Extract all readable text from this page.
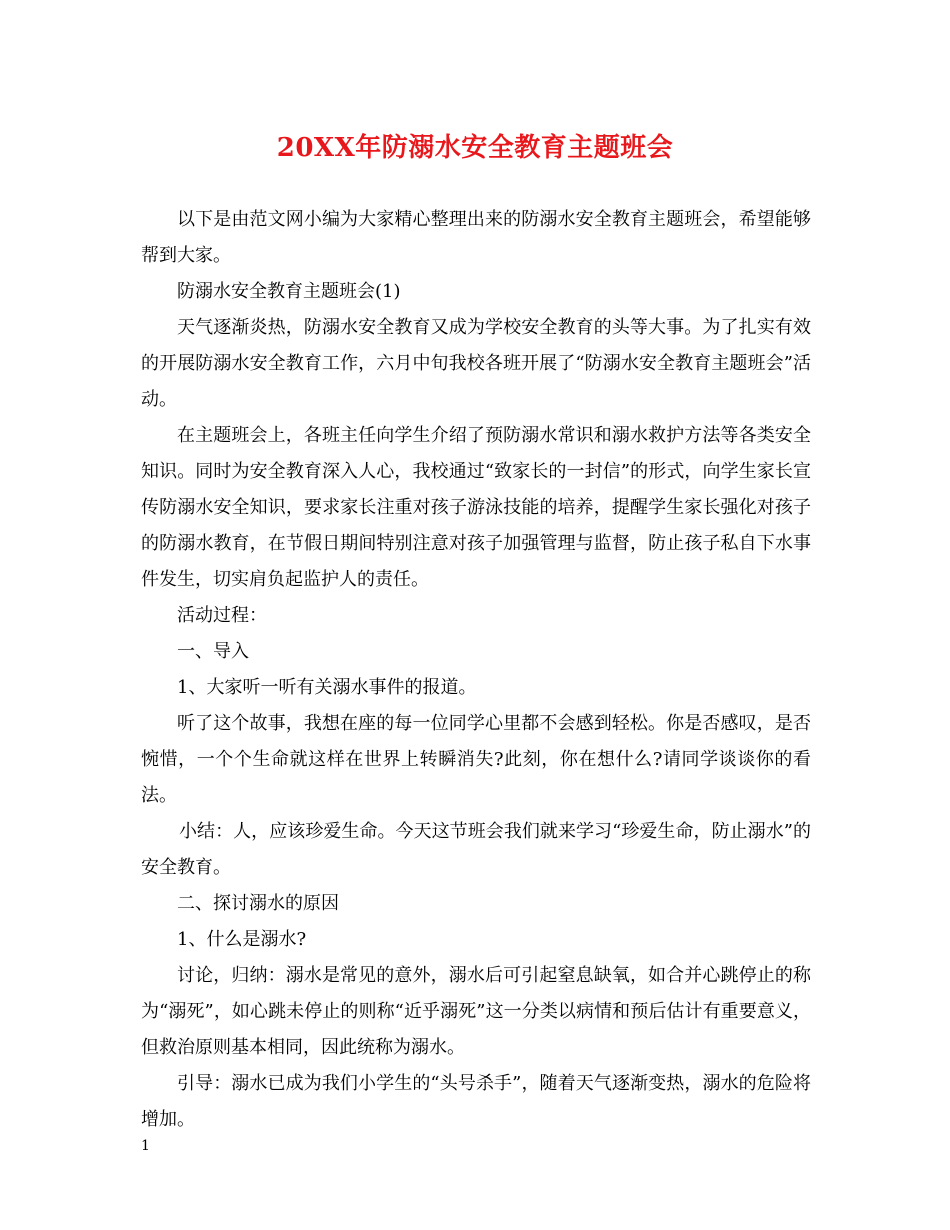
20XX年防溺水安全教育主题班会

以下是由范文网小编为大家精心整理出来的防溺水安全教育主题班会，希望能够帮到大家。

防溺水安全教育主题班会(1)

天气逐渐炎热，防溺水安全教育又成为学校安全教育的头等大事。为了扎实有效的开展防溺水安全教育工作，六月中旬我校各班开展了“防溺水安全教育主题班会”活动。

在主题班会上，各班主任向学生介绍了预防溺水常识和溺水救护方法等各类安全知识。同时为安全教育深入人心，我校通过“致家长的一封信”的形式，向学生家长宣传防溺水安全知识，要求家长注重对孩子游泳技能的培养，提醒学生家长强化对孩子的防溺水教育，在节假日期间特别注意对孩子加强管理与监督，防止孩子私自下水事件发生，切实肩负起监护人的责任。

活动过程：

一、导入

1、大家听一听有关溺水事件的报道。

听了这个故事，我想在座的每一位同学心里都不会感到轻松。你是否感叹，是否惋惜，一个个生命就这样在世界上转瞬消失?此刻，你在想什么?请同学谈谈你的看法。

小结：人，应该珍爱生命。今天这节班会我们就来学习“珍爱生命，防止溺水”的安全教育。

二、探讨溺水的原因

1、什么是溺水?

讨论，归纳：溺水是常见的意外，溺水后可引起窒息缺氧，如合并心跳停止的称为“溺死”，如心跳未停止的则称“近乎溺死”这一分类以病情和预后估计有重要意义，但救治原则基本相同，因此统称为溺水。

引导：溺水已成为我们小学生的“头号杀手”，随着天气逐渐变热，溺水的危险将增加。

1
